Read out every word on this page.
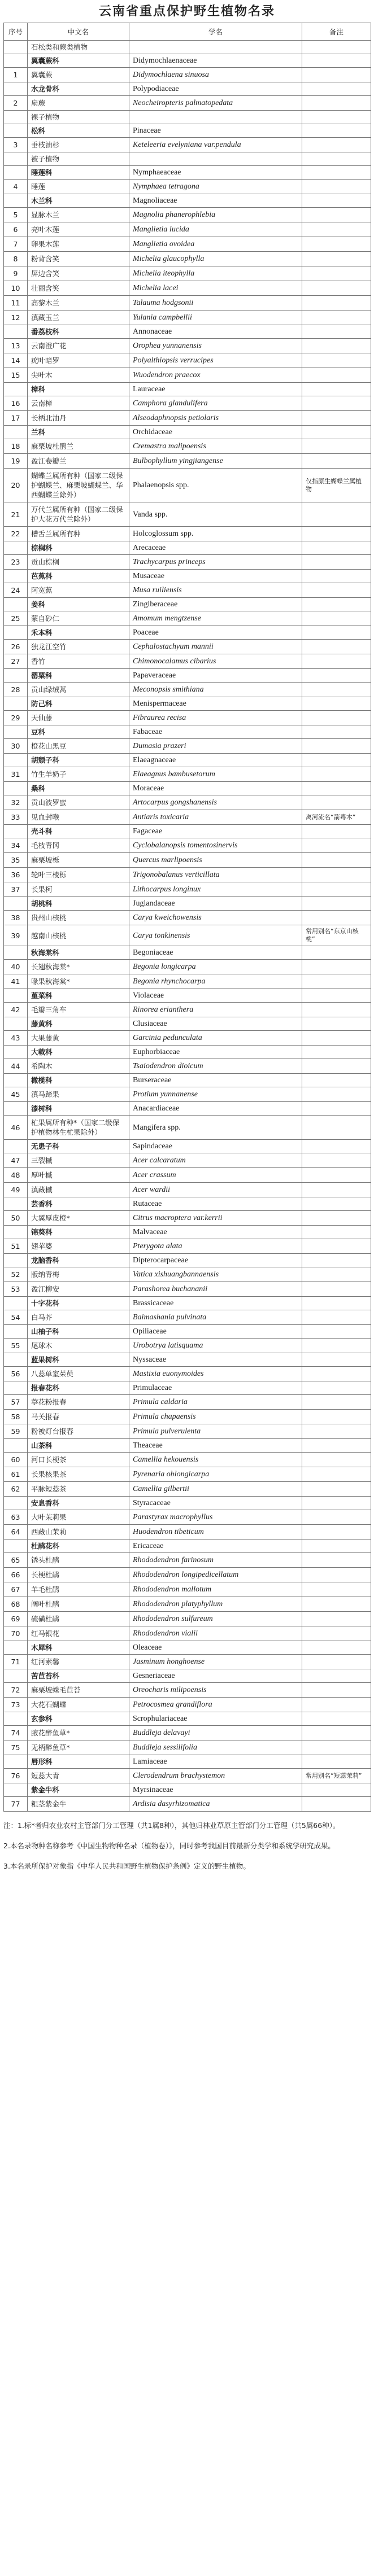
云南省重点保护野生植物名录
序号	中文名	学名	备注
	石松类和蕨类植物		
	翼囊蕨科	Didymochlaenaceae	
1	翼囊蕨	Didymochlaena sinuosa	
	水龙骨科	Polypodiaceae	
2	扇蕨	Neocheiropteris palmatopedata	
	裸子植物		
	松科	Pinaceae	
3	垂枝油杉	Keteleeria evelyniana var.pendula	
	被子植物		
	睡莲科	Nymphaeaceae	
4	睡莲	Nymphaea tetragona	
	木兰科	Magnoliaceae	
5	显脉木兰	Magnolia phanerophlebia	
6	亮叶木莲	Manglietia lucida	
7	卵果木莲	Manglietia ovoidea	
8	粉背含笑	Michelia glaucophylla	
9	屏边含笑	Michelia iteophylla	
10	壮丽含笑	Michelia lacei	
11	高黎木兰	Talauma hodgsonii	
12	滇藏玉兰	Yulania campbellii	
	番荔枝科	Annonaceae	
13	云南澄广花	Orophea yunnanensis	
14	疣叶暗罗	Polyalthiopsis verrucipes	
15	尖叶木	Wuodendron praecox	
	樟科	Lauraceae	
16	云南樟	Camphora glandulifera	
17	长柄北油丹	Alseodaphnopsis petiolaris	
	兰科	Orchidaceae	
18	麻栗坡杜鹃兰	Cremastra malipoensis	
19	盈江卷瓣兰	Bulbophyllum yingjiangense	
20	蝴蝶兰属所有种（国家二级保护蝴蝶兰、麻栗坡蝴蝶兰、华西蝴蝶兰除外）	Phalaenopsis spp.	仅指原生蝴蝶兰属植物
21	万代兰属所有种（国家二级保护大花万代兰除外）	Vanda spp.	
22	槽舌兰属所有种	Holcoglossum spp.	
	棕榈科	Arecaceae	
23	贡山棕榈	Trachycarpus princeps	
	芭蕉科	Musaceae	
24	阿宽蕉	Musa ruiliensis	
	姜科	Zingiberaceae	
25	蒙自砂仁	Amomum mengtzense	
	禾本科	Poaceae	
26	独龙江空竹	Cephalostachyum mannii	
27	香竹	Chimonocalamus cibarius	
	罂粟科	Papaveraceae	
28	贡山绿绒蒿	Meconopsis smithiana	
	防己科	Menispermaceae	
29	天仙藤	Fibraurea recisa	
	豆科	Fabaceae	
30	橙花山黑豆	Dumasia prazeri	
	胡颓子科	Elaeagnaceae	
31	竹生羊奶子	Elaeagnus bambusetorum	
	桑科	Moraceae	
32	贡山波罗蜜	Artocarpus gongshanensis	
33	见血封喉	Antiaris toxicaria	离河流名“箭毒木”
	壳斗科	Fagaceae	
34	毛枝青冈	Cyclobalanopsis tomentosinervis	
35	麻栗坡栎	Quercus marlipoensis	
36	轮叶三棱栎	Trigonobalanus verticillata	
37	长果柯	Lithocarpus longinux	
	胡桃科	Juglandaceae	
38	贵州山核桃	Carya kweichowensis	
39	越南山核桃	Carya tonkinensis	常用别名“东京山核桃”
	秋海棠科	Begoniaceae	
40	长翅秋海棠*	Begonia longicarpa	
41	喙果秋海棠*	Begonia rhynchocarpa	
	堇菜科	Violaceae	
42	毛瓣三角车	Rinorea erianthera	
	藤黄科	Clusiaceae	
43	大果藤黄	Garcinia pedunculata	
	大戟科	Euphorbiaceae	
44	希陶木	Tsaiodendron dioicum	
	橄榄科	Burseraceae	
45	滇马蹄果	Protium yunnanense	
	漆树科	Anacardiaceae	
46	杧果属所有种*（国家二级保护植物林生杧果除外）	Mangifera spp.	
	无患子科	Sapindaceae	
47	三裂槭	Acer calcaratum	
48	厚叶槭	Acer crassum	
49	滇藏槭	Acer wardii	
	芸香科	Rutaceae	
50	大翼厚皮橙*	Citrus macroptera var.kerrii	
	锦葵科	Malvaceae	
51	翅苹婆	Pterygota alata	
	龙脑香科	Dipterocarpaceae	
52	版纳青梅	Vatica xishuangbannaensis	
53	盈江柳安	Parashorea buchananii	
	十字花科	Brassicaceae	
54	白马芥	Baimashania pulvinata	
	山柚子科	Opiliaceae	
55	尾球木	Urobotrya latisquama	
	蓝果树科	Nyssaceae	
56	八蕊单室茱萸	Mastixia euonymoides	
	报春花科	Primulaceae	
57	葶花粉报春	Primula caldaria	
58	马关报春	Primula chapaensis	
59	粉被灯台报春	Primula pulverulenta	
	山茶科	Theaceae	
60	河口长梗茶	Camellia hekouensis	
61	长果核果茶	Pyrenaria oblongicarpa	
62	平脉短蕊茶	Camellia gilbertii	
	安息香科	Styracaceae	
63	大叶茉莉果	Parastyrax macrophyllus	
64	西藏山茉莉	Huodendron tibeticum	
	杜鹃花科	Ericaceae	
65	锈头杜鹃	Rhododendron farinosum	
66	长梗杜鹃	Rhododendron longipedicellatum	
67	羊毛杜鹃	Rhododendron mallotum	
68	阔叶杜鹃	Rhododendron platyphyllum	
69	硫磺杜鹃	Rhododendron sulfureum	
70	红马银花	Rhododendron vialii	
	木犀科	Oleaceae	
71	红河素馨	Jasminum honghoense	
	苦苣苔科	Gesneriaceae	
72	麻栗坡蛛毛苣苔	Oreocharis milipoensis	
73	大花石蝴蝶	Petrocosmea grandiflora	
	玄参科	Scrophulariaceae	
74	腋花醉鱼草*	Buddleja delavayi	
75	无柄醉鱼草*	Buddleja sessilifolia	
	唇形科	Lamiaceae	
76	短蕊大青	Clerodendrum brachystemon	常用别名“短蕊茉莉”
	紫金牛科	Myrsinaceae	
77	粗茎紫金牛	Ardisia dasyrhizomatica	

注：1.标*者归农业农村主管部门分工管理（共1属8种），其他归林业草原主管部门分工管理（共5属66种）。

2.本名录物种名称参考《中国生物物种名录（植物卷）》，同时参考我国目前最新分类学和系统学研究成果。

3.本名录所保护对象指《中华人民共和国野生植物保护条例》定义的野生植物。
